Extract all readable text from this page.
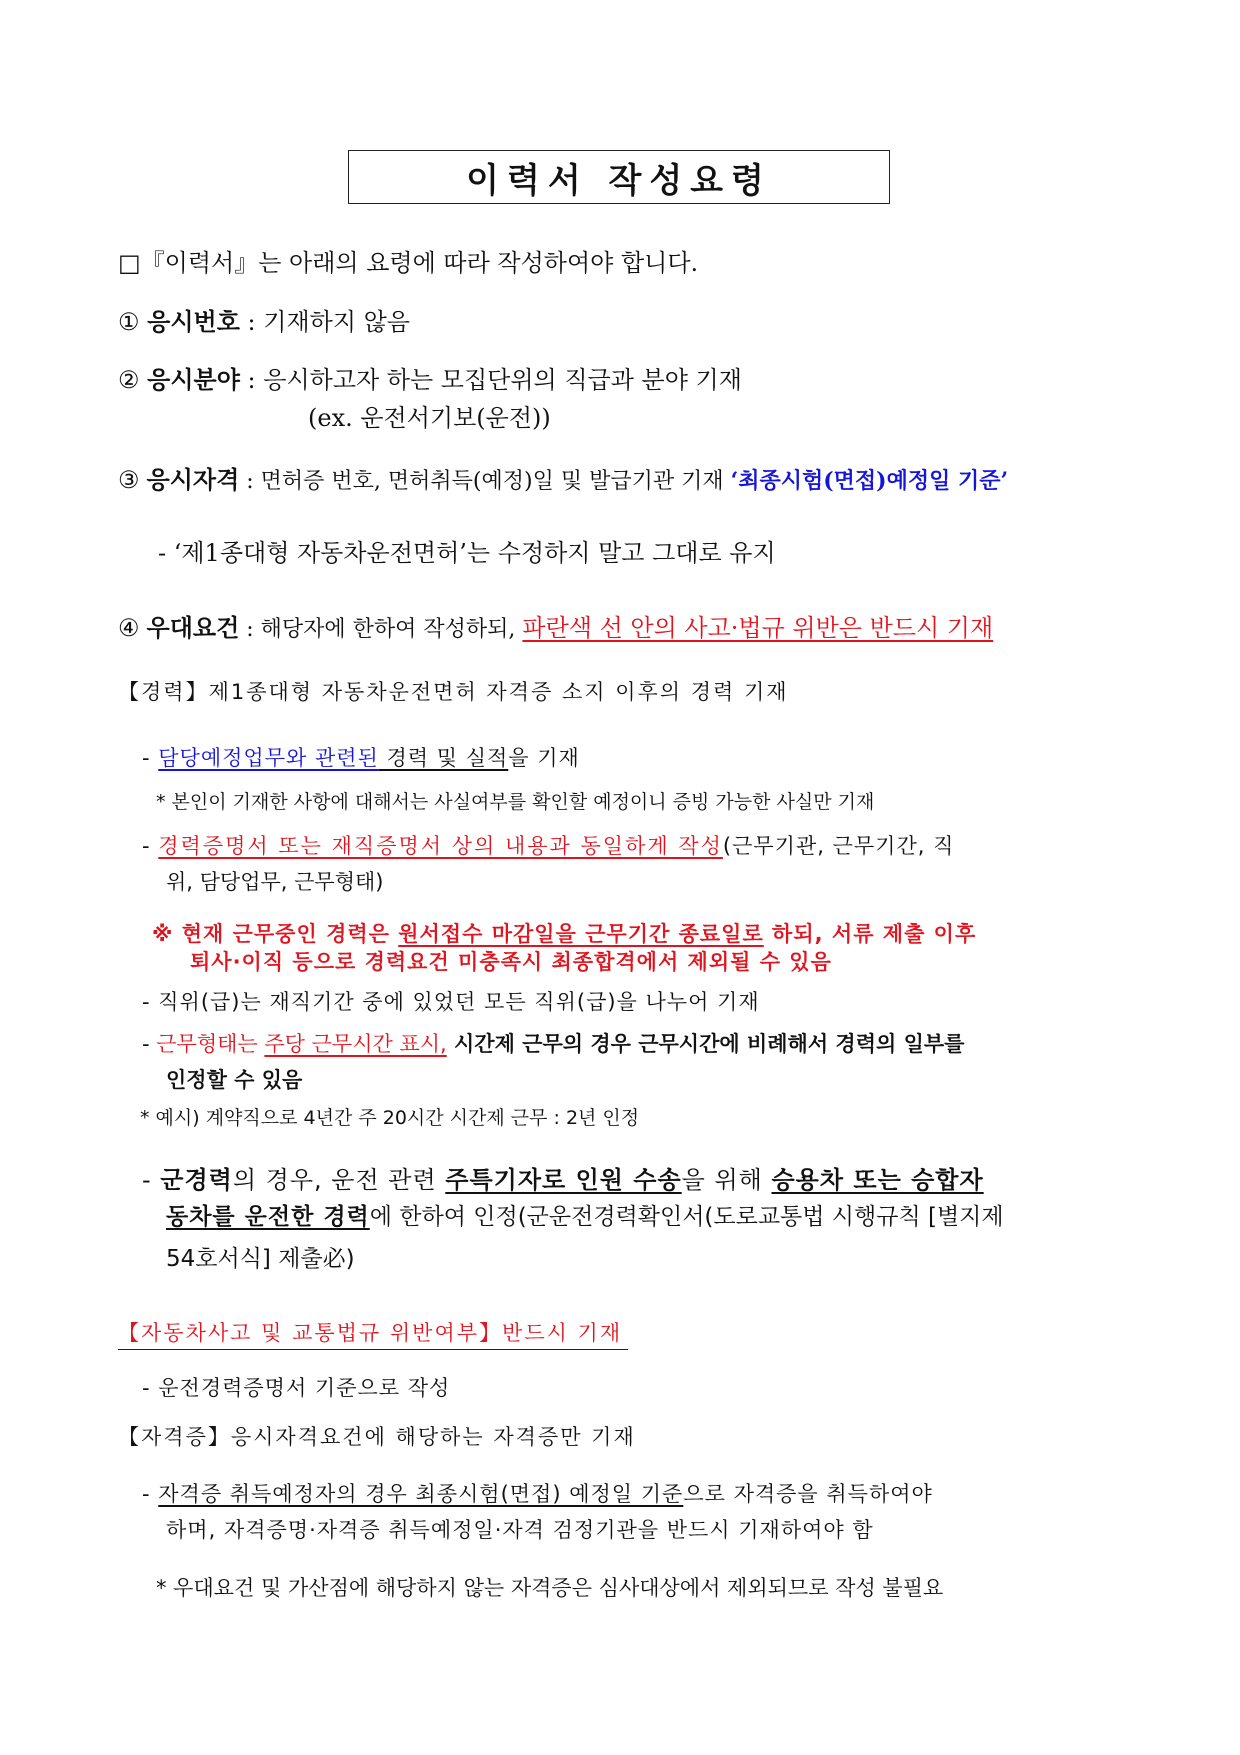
이력서 작성요령
□『이력서』는 아래의 요령에 따라 작성하여야 합니다.
① 응시번호 : 기재하지 않음
② 응시분야 : 응시하고자 하는 모집단위의 직급과 분야 기재
(ex. 운전서기보(운전))
③ 응시자격 : 면허증 번호, 면허취득(예정)일 및 발급기관 기재 ‘최종시험(면접)예정일 기준’
- ‘제1종대형 자동차운전면허’는 수정하지 말고 그대로 유지
④ 우대요건 : 해당자에 한하여 작성하되, 파란색 선 안의 사고·법규 위반은 반드시 기재
【경력】제1종대형 자동차운전면허 자격증 소지 이후의 경력 기재
- 담당예정업무와 관련된 경력 및 실적을 기재
* 본인이 기재한 사항에 대해서는 사실여부를 확인할 예정이니 증빙 가능한 사실만 기재
- 경력증명서 또는 재직증명서 상의 내용과 동일하게 작성(근무기관, 근무기간, 직
위, 담당업무, 근무형태)
※ 현재 근무중인 경력은 원서접수 마감일을 근무기간 종료일로 하되, 서류 제출 이후
퇴사·이직 등으로 경력요건 미충족시 최종합격에서 제외될 수 있음
- 직위(급)는 재직기간 중에 있었던 모든 직위(급)을 나누어 기재
- 근무형태는 주당 근무시간 표시, 시간제 근무의 경우 근무시간에 비례해서 경력의 일부를
인정할 수 있음
* 예시) 계약직으로 4년간 주 20시간 시간제 근무 : 2년 인정
- 군경력의 경우, 운전 관련 주특기자로 인원 수송을 위해 승용차 또는 승합자
동차를 운전한 경력에 한하여 인정(군운전경력확인서(도로교통법 시행규칙 [별지제
54호서식] 제출必)
【자동차사고 및 교통법규 위반여부】반드시 기재
- 운전경력증명서 기준으로 작성
【자격증】응시자격요건에 해당하는 자격증만 기재
- 자격증 취득예정자의 경우 최종시험(면접) 예정일 기준으로 자격증을 취득하여야
하며, 자격증명·자격증 취득예정일·자격 검정기관을 반드시 기재하여야 함
* 우대요건 및 가산점에 해당하지 않는 자격증은 심사대상에서 제외되므로 작성 불필요
